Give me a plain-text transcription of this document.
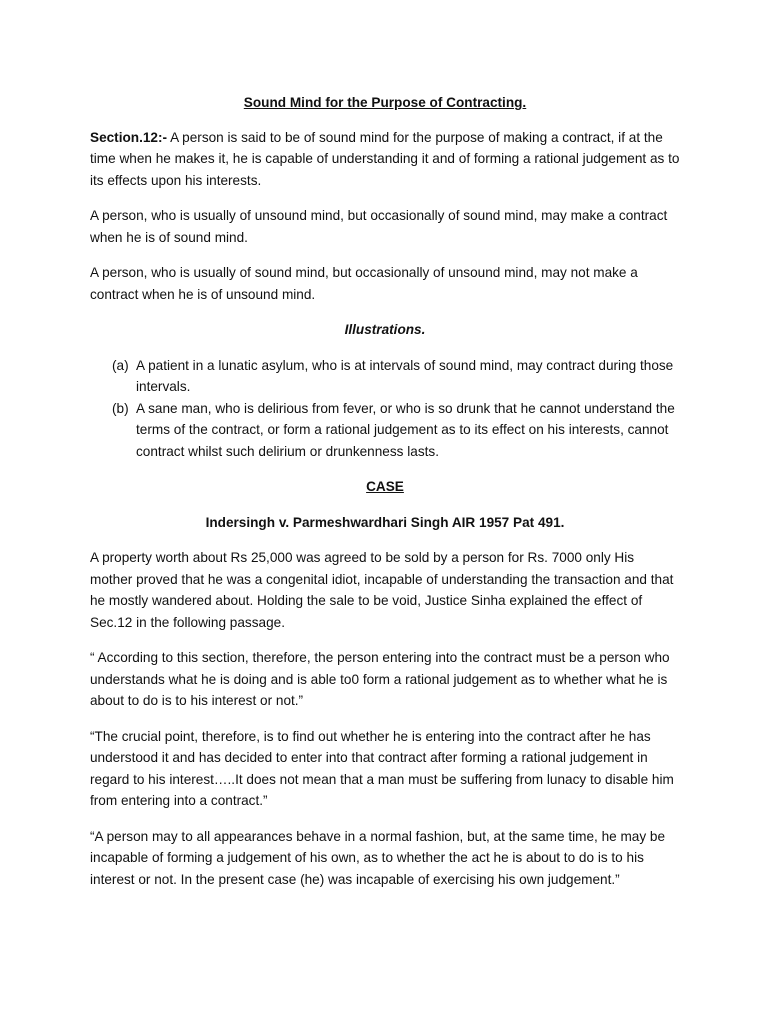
Sound Mind for the Purpose of Contracting.

Section.12:- A person is said to be of sound mind for the purpose of making a contract, if at the time when he makes it, he is capable of understanding it and of forming a rational judgement as to its effects upon his interests.

A person, who is usually of unsound mind, but occasionally of sound mind, may make a contract when he is of sound mind.

A person, who is usually of sound mind, but occasionally of unsound mind, may not make a contract when he is of unsound mind.

Illustrations.
(a) A patient in a lunatic asylum, who is at intervals of sound mind, may contract during those intervals.
(b) A sane man, who is delirious from fever, or who is so drunk that he cannot understand the terms of the contract, or form a rational judgement as to its effect on his interests, cannot contract whilst such delirium or drunkenness lasts.
CASE
Indersingh v. Parmeshwardhari Singh AIR 1957 Pat 491.

A property worth about Rs 25,000 was agreed to be sold by a person for Rs. 7000 only His mother proved that he was a congenital idiot, incapable of understanding the transaction and that he mostly wandered about. Holding the sale to be void, Justice Sinha explained the effect of Sec.12 in the following passage.

“ According to this section, therefore, the person entering into the contract must be a person who understands what he is doing and is able to0 form a rational judgement as to whether what he is about to do is to his interest or not.”

“The crucial point, therefore, is to find out whether he is entering into the contract after he has understood it and has decided to enter into that contract after forming a rational judgement in regard to his interest…..It does not mean that a man must be suffering from lunacy to disable him from entering into a contract.”

“A person may to all appearances behave in a normal fashion, but, at the same time, he may be incapable of forming a judgement of his own, as to whether the act he is about to do is to his interest or not. In the present case (he) was incapable of exercising his own judgement.”
